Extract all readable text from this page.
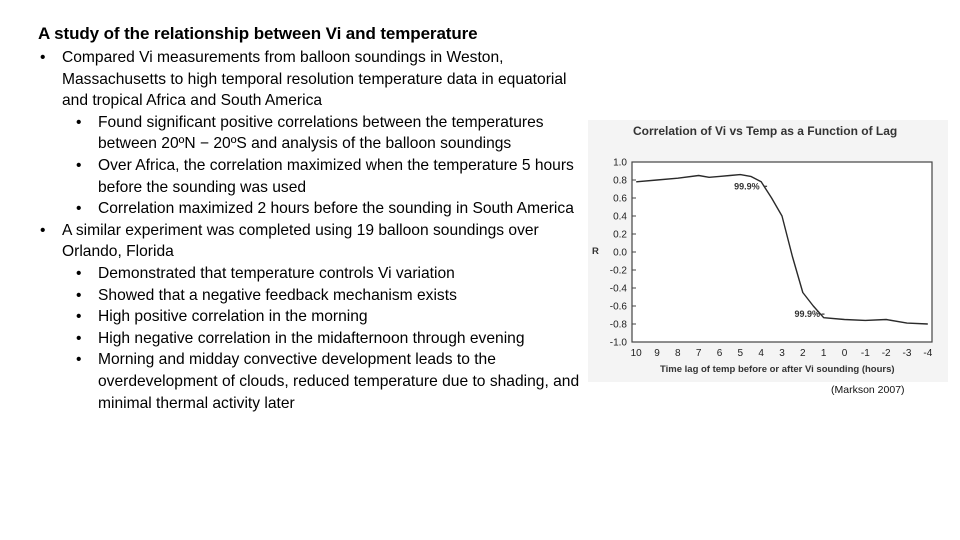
A study of the relationship between Vi and temperature
• Compared Vi measurements from balloon soundings in Weston, Massachusetts to high temporal resolution temperature data in equatorial and tropical Africa and South America
• Found significant positive correlations between the temperatures between 20ºN − 20ºS and analysis of the balloon soundings
• Over Africa, the correlation maximized when the temperature 5 hours before the sounding was used
• Correlation maximized 2 hours before the sounding in South America
• A similar experiment was completed using 19 balloon soundings over Orlando, Florida
• Demonstrated that temperature controls Vi variation
• Showed that a negative feedback mechanism exists
• High positive correlation in the morning
• High negative correlation in the midafternoon through evening
• Morning and midday convective development leads to the overdevelopment of clouds, reduced temperature due to shading, and minimal thermal activity later
Correlation of Vi vs Temp as a Function of Lag
R
Time lag of temp before or after Vi sounding (hours)
1.0
0.8
0.6
0.4
0.2
0.0
-0.2
-0.4
-0.6
-0.8
-1.0
10 9 8 7 6 5 4 3 2 1 0 -1 -2 -3 -4
99.9%
99.9%
(Markson 2007)
